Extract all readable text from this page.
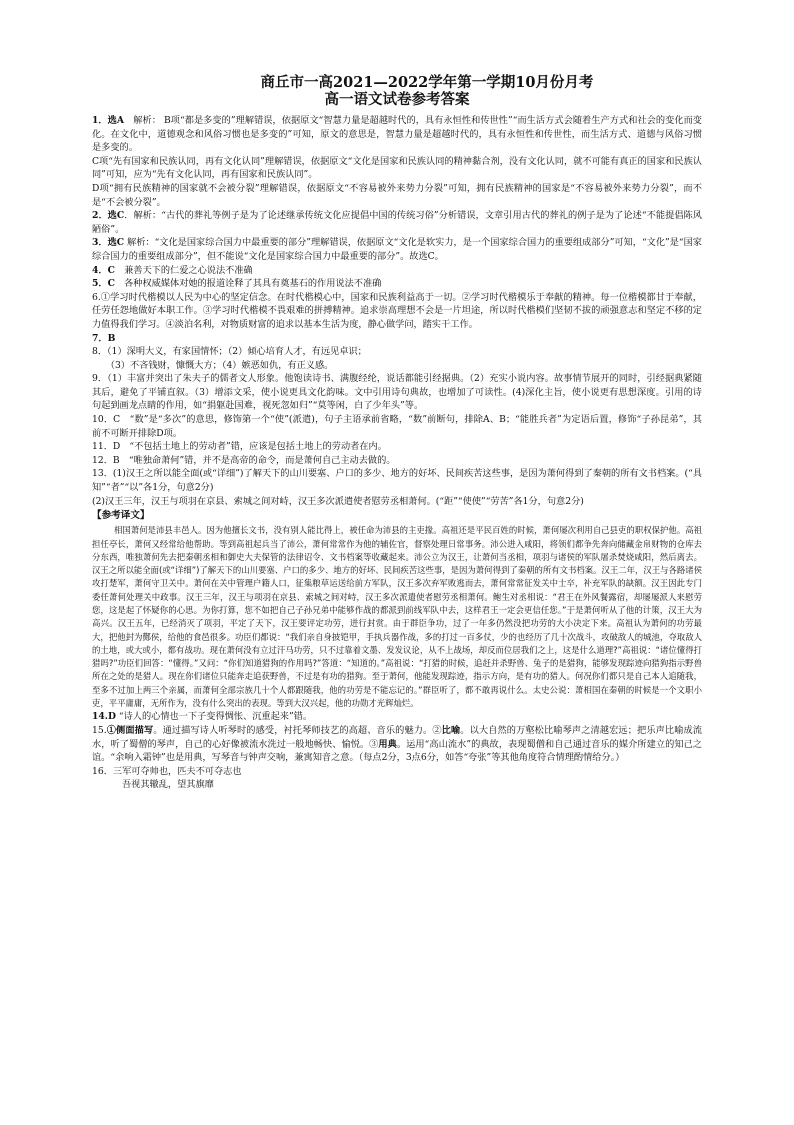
商丘市一高2021—2022学年第一学期10月份月考

高一语文试卷参考答案

1．选A　解析： B项“都是多变的”理解错误，依据原文“智慧力量是超越时代的，具有永恒性和传世性”“而生活方式会随着生产方式和社会的变化而变化。在文化中，道德观念和风俗习惯也是多变的”可知，原文的意思是，智慧力量是超越时代的，具有永恒性和传世性，而生活方式、道德与风俗习惯是多变的。

C项“先有国家和民族认同，再有文化认同”理解错误，依据原文“文化是国家和民族认同的精神黏合剂，没有文化认同，就不可能有真正的国家和民族认同”可知，应为“先有文化认同，再有国家和民族认同”。

D项“拥有民族精神的国家就不会被分裂”理解错误，依据原文“不容易被外来势力分裂”可知，拥有民族精神的国家是“不容易被外来势力分裂”，而不是“不会被分裂”。

2．选C．解析：“古代的葬礼等例子是为了论述继承传统文化应提倡中国的传统习俗”分析错误，文章引用古代的葬礼的例子是为了论述“不能提倡陈风陋俗”。

3．选C 解析：“文化是国家综合国力中最重要的部分”理解错误，依据原文“文化是软实力，是一个国家综合国力的重要组成部分”可知，“文化”是“国家综合国力的重要组成部分”，但不能说“文化是国家综合国力中最重要的部分”。故选C。

4．C　兼善天下的仁爱之心说法不准确

5．C　各种权威媒体对她的报道诠释了其具有奠基石的作用说法不准确

6.①学习时代楷模以人民为中心的坚定信念。在时代楷模心中，国家和民族利益高于一切。②学习时代楷模乐于奉献的精神。每一位楷模都甘于奉献，任劳任怨地做好本职工作。③学习时代楷模不畏艰难的拼搏精神。追求崇高理想不会是一片坦途，所以时代楷模们坚韧不拔的顽强意志和坚定不移的定力值得我们学习。④淡泊名利，对物质财富的追求以基本生活为度，静心做学问，踏实干工作。

7．B

8．（1）深明大义，有家国情怀；（2）倾心培育人才，有远见卓识；

　　（3）不吝钱财，慷慨大方；（4）嫉恶如仇，有正义感。

9．（1）丰富并突出了朱夫子的儒者文人形象。他饱读诗书、满腹经纶，说话都能引经据典。（2）充实小说内容。故事情节展开的同时，引经据典紧随其后，避免了平铺直叙。（3）增添文采，使小说更具文化韵味。文中引用诗句典故，也增加了可读性。(4)深化主旨，使小说更有思想深度。引用的诗句起到画龙点睛的作用，如“捐躯赴国难，视死忽如归”“莫等闲，白了少年头”等。

10．C　“数”是“多次”的意思，修饰第一个“使”(派遣)，句子主语承前省略，“数”前断句，排除A、B；“能胜兵者”为定语后置，修饰“子孙昆弟”，其前不可断开排除D项。

11．D　“不包括土地上的劳动者”错，应该是包括土地上的劳动者在内。

12．B　“唯独命萧何”错，并不是高帝的命令，而是萧何自己主动去做的。

13．(1)汉王之所以能全面(或“详细”)了解天下的山川要塞、户口的多少、地方的好坏、民间疾苦这些事，是因为萧何得到了秦朝的所有文书档案。(“具知”“者”“以”各1分，句意2分)

(2)汉王三年，汉王与项羽在京县、索城之间对峙，汉王多次派遣使者慰劳丞相萧何。(“距”“使使”“劳苦”各1分，句意2分)

【参考译文】

相国萧何是沛县丰邑人。因为他擅长文书，没有别人能比得上，被任命为沛县的主吏掾。高祖还是平民百姓的时候，萧何屡次利用自己县吏的职权保护他。高祖担任亭长，萧何又经常给他帮助。等到高祖起兵当了沛公，萧何常常作为他的辅佐官，督察处理日常事务。沛公进入咸阳，将领们都争先奔向储藏金帛财物的仓库去分东西，唯独萧何先去把秦朝丞相和御史大夫保管的法律诏令、文书档案等收藏起来。沛公立为汉王，让萧何当丞相，项羽与诸侯的军队屠杀焚烧咸阳，然后离去。汉王之所以能全面(或“详细”)了解天下的山川要塞、户口的多少、地方的好坏、民间疾苦这些事，是因为萧何得到了秦朝的所有文书档案。汉王二年，汉王与各路诸侯攻打楚军，萧何守卫关中。萧何在关中管理户籍人口，征集粮草运送给前方军队，汉王多次弃军败逃而去，萧何常常征发关中士卒，补充军队的缺额。汉王因此专门委任萧何处理关中政事。汉王三年，汉王与项羽在京县、索城之间对峙，汉王多次派遣使者慰劳丞相萧何。鲍生对丞相说：“君王在外风餐露宿，却屡屡派人来慰劳您，这是起了怀疑你的心思。为你打算，您不如把自己子孙兄弟中能够作战的都派到前线军队中去，这样君王一定会更信任您。”于是萧何听从了他的计策，汉王大为高兴。汉王五年，已经消灭了项羽，平定了天下，汉王要评定功劳，进行封赏。由于群臣争功，过了一年多仍然没把功劳的大小决定下来。高祖认为萧何的功劳最大，把他封为酂侯，给他的食邑很多。功臣们都说：“我们亲自身披铠甲，手执兵器作战，多的打过一百多仗，少的也经历了几十次战斗，攻破敌人的城池，夺取敌人的土地，或大或小，都有战功。现在萧何没有立过汗马功劳，只不过靠着文墨、发发议论，从不上战场，却反而位居我们之上，这是什么道理?”高祖说：“诸位懂得打猎吗?”功臣们回答：“懂得。”又问：“你们知道猎狗的作用吗?”答道：“知道的。”高祖说：“打猎的时候，追赶并杀野兽、兔子的是猎狗，能够发现踪迹向猎狗指示野兽所在之处的是猎人。现在你们诸位只能奔走追获野兽，不过是有功的猎狗。至于萧何，他能发现踪迹，指示方向，是有功的猎人。何况你们都只是自己本人追随我，至多不过加上两三个亲属，而萧何全部宗族几十个人都跟随我，他的功劳是不能忘记的。”群臣听了，都不敢再说什么。太史公说：萧相国在秦朝的时候是一个文职小吏，平平庸庸，无所作为，没有什么突出的表现。等到大汉兴起，他的功勋才光辉灿烂。

14.D “诗人的心情也一下子变得惆怅、沉重起来”错。

15.①侧面描写。通过描写诗人听琴时的感受，衬托琴师技艺的高超、音乐的魅力。②比喻。以大自然的万壑松比喻琴声之清越宏远；把乐声比喻成流水，听了蜀僧的琴声，自己的心好像被流水洗过一般地畅快、愉悦。③用典。运用“高山流水”的典故，表现蜀僧和自己通过音乐的媒介所建立的知己之谊。“余响入霜钟”也是用典，写琴音与钟声交响，兼寓知音之意。（每点2分，3点6分，如答“夸张”等其他角度符合情理酌情给分。）

16．三军可夺帅也，匹夫不可夺志也

吾视其辙乱，望其旗靡
